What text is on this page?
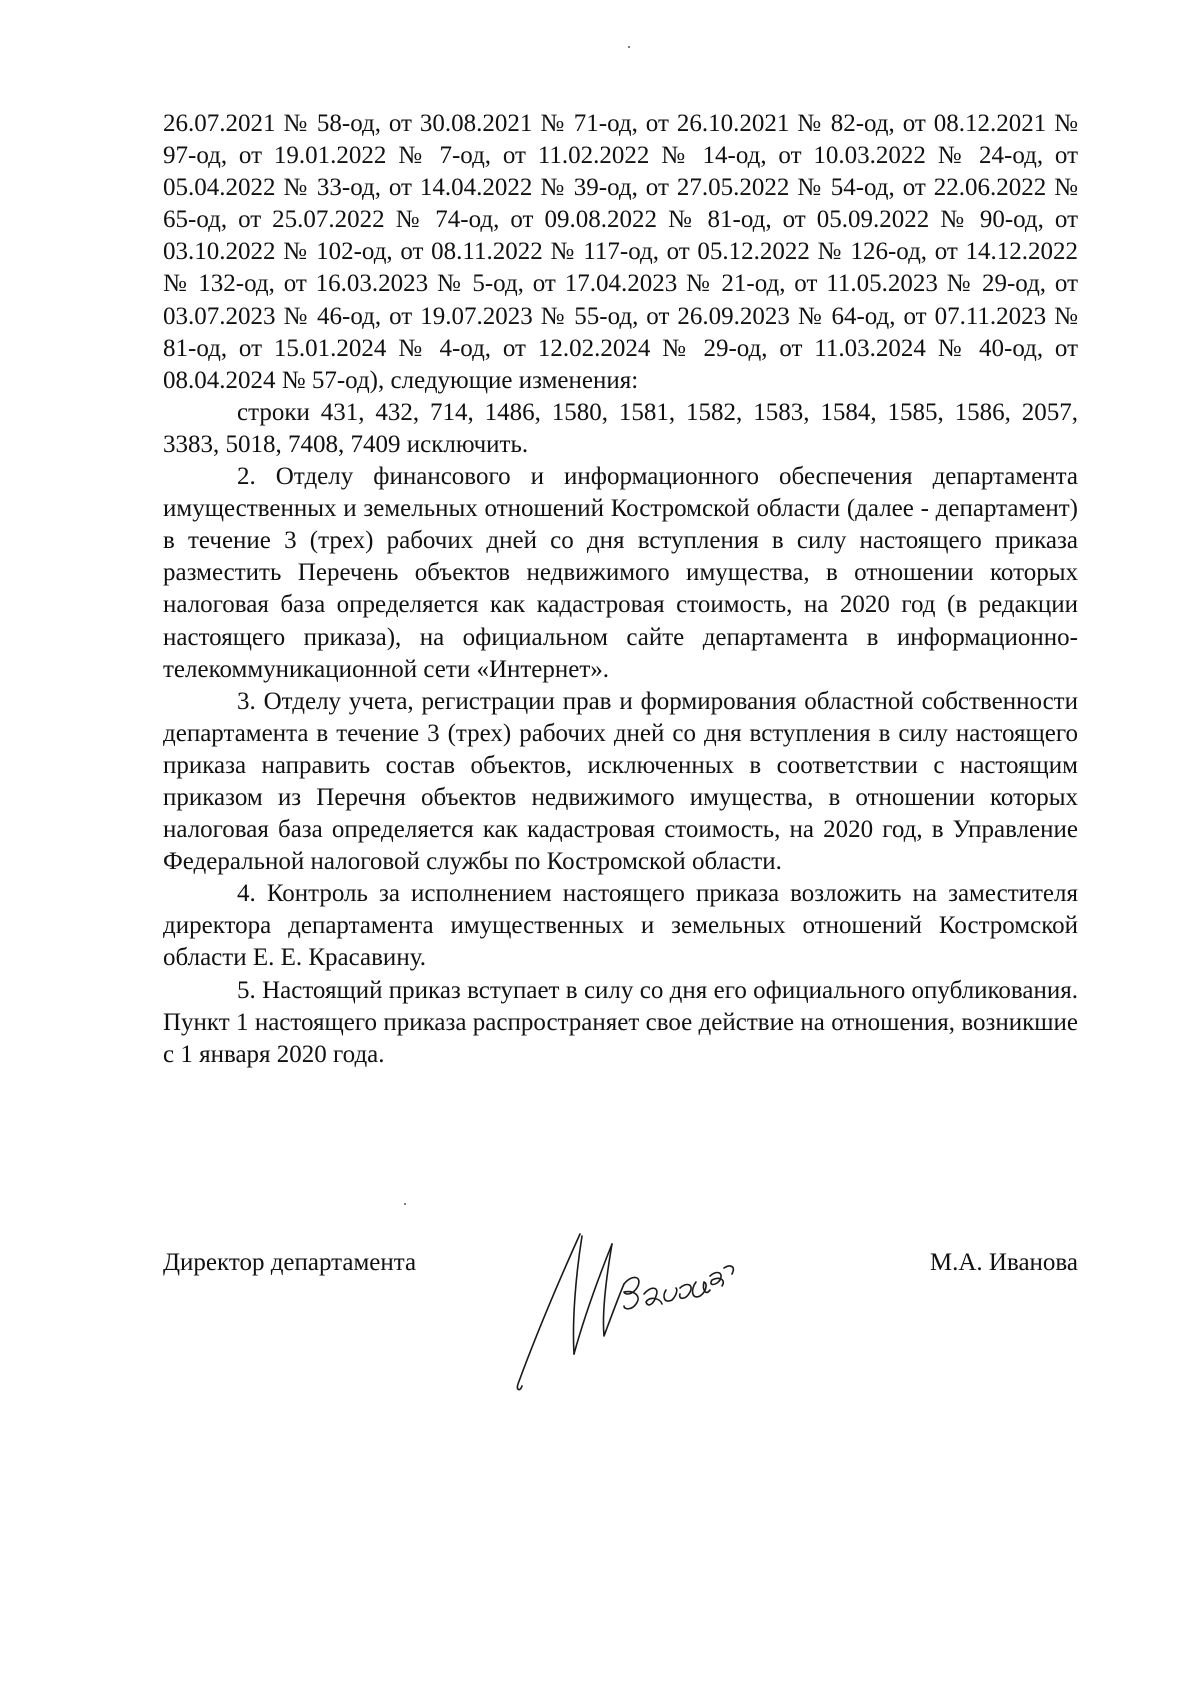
26.07.2021 № 58-од, от 30.08.2021 № 71-од, от 26.10.2021 № 82-од, от 08.12.2021 № 97-од, от 19.01.2022 № 7-од, от 11.02.2022 № 14-од, от 10.03.2022 № 24-од, от 05.04.2022 № 33-од, от 14.04.2022 № 39-од, от 27.05.2022 № 54-од, от 22.06.2022 № 65-од, от 25.07.2022 № 74-од, от 09.08.2022 № 81-од, от 05.09.2022 № 90-од, от 03.10.2022 № 102-од, от 08.11.2022 № 117-од, от 05.12.2022 № 126-од, от 14.12.2022 № 132-од, от 16.03.2023 № 5-од, от 17.04.2023 № 21-од, от 11.05.2023 № 29-од, от 03.07.2023 № 46-од, от 19.07.2023 № 55-од, от 26.09.2023 № 64-од, от 07.11.2023 № 81-од, от 15.01.2024 № 4-од, от 12.02.2024 № 29-од, от 11.03.2024 № 40-од, от 08.04.2024 № 57-од), следующие изменения:

строки 431, 432, 714, 1486, 1580, 1581, 1582, 1583, 1584, 1585, 1586, 2057, 3383, 5018, 7408, 7409 исключить.

2. Отделу финансового и информационного обеспечения департамента имущественных и земельных отношений Костромской области (далее - департамент) в течение 3 (трех) рабочих дней со дня вступления в силу настоящего приказа разместить Перечень объектов недвижимого имущества, в отношении которых налоговая база определяется как кадастровая стоимость, на 2020 год (в редакции настоящего приказа), на официальном сайте департамента в информационно-телекоммуникационной сети «Интернет».

3. Отделу учета, регистрации прав и формирования областной собственности департамента в течение 3 (трех) рабочих дней со дня вступления в силу настоящего приказа направить состав объектов, исключенных в соответствии с настоящим приказом из Перечня объектов недвижимого имущества, в отношении которых налоговая база определяется как кадастровая стоимость, на 2020 год, в Управление Федеральной налоговой службы по Костромской области.

4. Контроль за исполнением настоящего приказа возложить на заместителя директора департамента имущественных и земельных отношений Костромской области Е. Е. Красавину.

5. Настоящий приказ вступает в силу со дня его официального опубликования. Пункт 1 настоящего приказа распространяет свое действие на отношения, возникшие с 1 января 2020 года.

Директор департамента	М.А. Иванова
